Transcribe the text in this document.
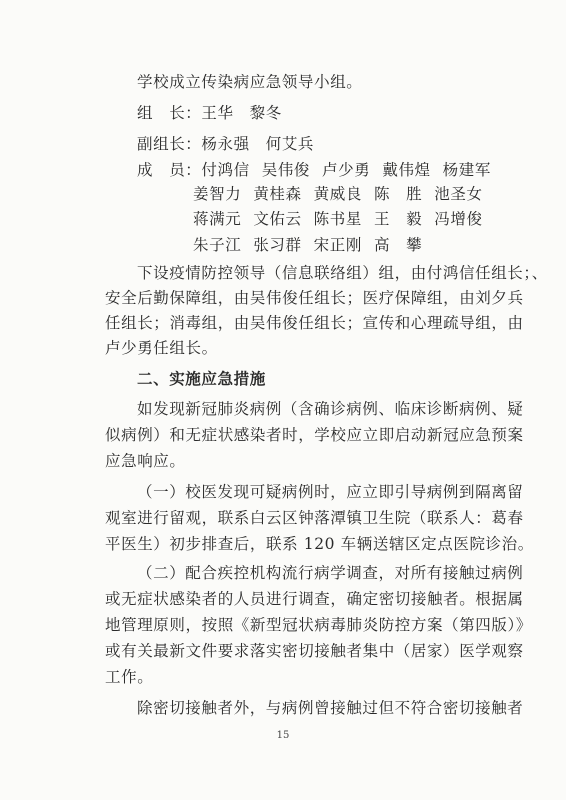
学校成立传染病应急领导小组。
组　长：王华 黎冬
副组长：杨永强 何艾兵
成　员：付鸿信 吴伟俊 卢少勇 戴伟煌 杨建军
姜智力 黄桂森 黄威良 陈　胜 池圣女
蒋满元 文佑云 陈书星 王　毅 冯增俊
朱子江 张习群 宋正刚 高　攀
下设疫情防控领导（信息联络组）组，由付鸿信任组长；、
安全后勤保障组，由吴伟俊任组长；医疗保障组，由刘夕兵
任组长；消毒组，由吴伟俊任组长；宣传和心理疏导组，由
卢少勇任组长。
二、实施应急措施
如发现新冠肺炎病例（含确诊病例、临床诊断病例、疑
似病例）和无症状感染者时，学校应立即启动新冠应急预案
应急响应。
（一）校医发现可疑病例时，应立即引导病例到隔离留
观室进行留观，联系白云区钟落潭镇卫生院（联系人：葛春
平医生）初步排查后，联系 120 车辆送辖区定点医院诊治。
（二）配合疾控机构流行病学调查，对所有接触过病例
或无症状感染者的人员进行调查，确定密切接触者。根据属
地管理原则，按照《新型冠状病毒肺炎防控方案（第四版）》
或有关最新文件要求落实密切接触者集中（居家）医学观察
工作。
除密切接触者外，与病例曾接触过但不符合密切接触者
15
